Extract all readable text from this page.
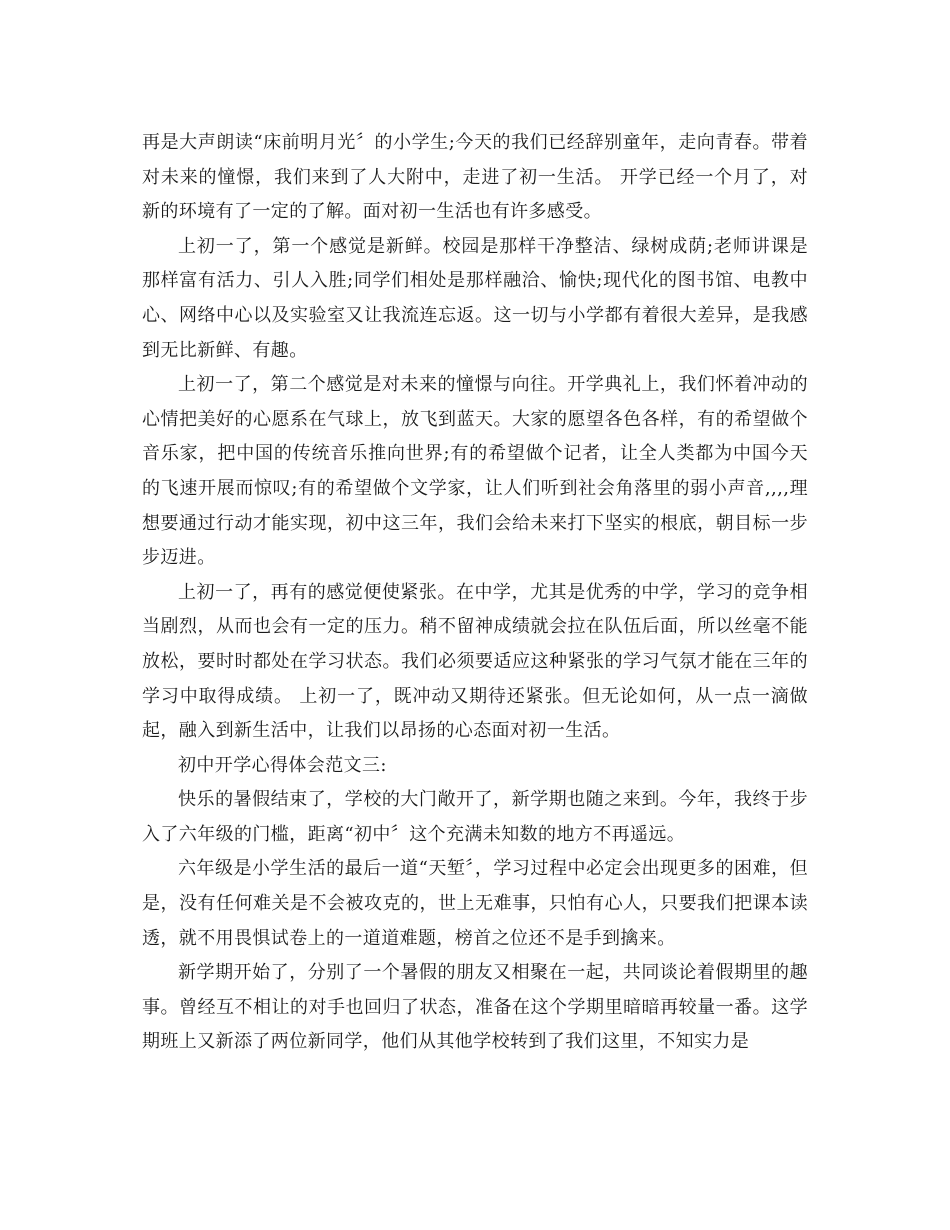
再是大声朗读“床前明月光〞的小学生;今天的我们已经辞别童年，走向青春。带着对未来的憧憬，我们来到了人大附中，走进了初一生活。 开学已经一个月了，对新的环境有了一定的了解。面对初一生活也有许多感受。

上初一了，第一个感觉是新鲜。校园是那样干净整洁、绿树成荫;老师讲课是那样富有活力、引人入胜;同学们相处是那样融洽、愉快;现代化的图书馆、电教中心、网络中心以及实验室又让我流连忘返。这一切与小学都有着很大差异，是我感到无比新鲜、有趣。

上初一了，第二个感觉是对未来的憧憬与向往。开学典礼上，我们怀着冲动的心情把美好的心愿系在气球上，放飞到蓝天。大家的愿望各色各样，有的希望做个音乐家，把中国的传统音乐推向世界;有的希望做个记者，让全人类都为中国今天的飞速开展而惊叹;有的希望做个文学家，让人们听到社会角落里的弱小声音,,,,理想要通过行动才能实现，初中这三年，我们会给未来打下坚实的根底，朝目标一步步迈进。

上初一了，再有的感觉便使紧张。在中学，尤其是优秀的中学，学习的竞争相当剧烈，从而也会有一定的压力。稍不留神成绩就会拉在队伍后面，所以丝毫不能放松，要时时都处在学习状态。我们必须要适应这种紧张的学习气氛才能在三年的学习中取得成绩。 上初一了，既冲动又期待还紧张。但无论如何，从一点一滴做起，融入到新生活中，让我们以昂扬的心态面对初一生活。

初中开学心得体会范文三:

快乐的暑假结束了，学校的大门敞开了，新学期也随之来到。今年，我终于步入了六年级的门槛，距离“初中〞这个充满未知数的地方不再遥远。

六年级是小学生活的最后一道“天堑〞，学习过程中必定会出现更多的困难，但是，没有任何难关是不会被攻克的，世上无难事，只怕有心人，只要我们把课本读透，就不用畏惧试卷上的一道道难题，榜首之位还不是手到擒来。

新学期开始了，分别了一个暑假的朋友又相聚在一起，共同谈论着假期里的趣事。曾经互不相让的对手也回归了状态，准备在这个学期里暗暗再较量一番。这学期班上又新添了两位新同学，他们从其他学校转到了我们这里，不知实力是
